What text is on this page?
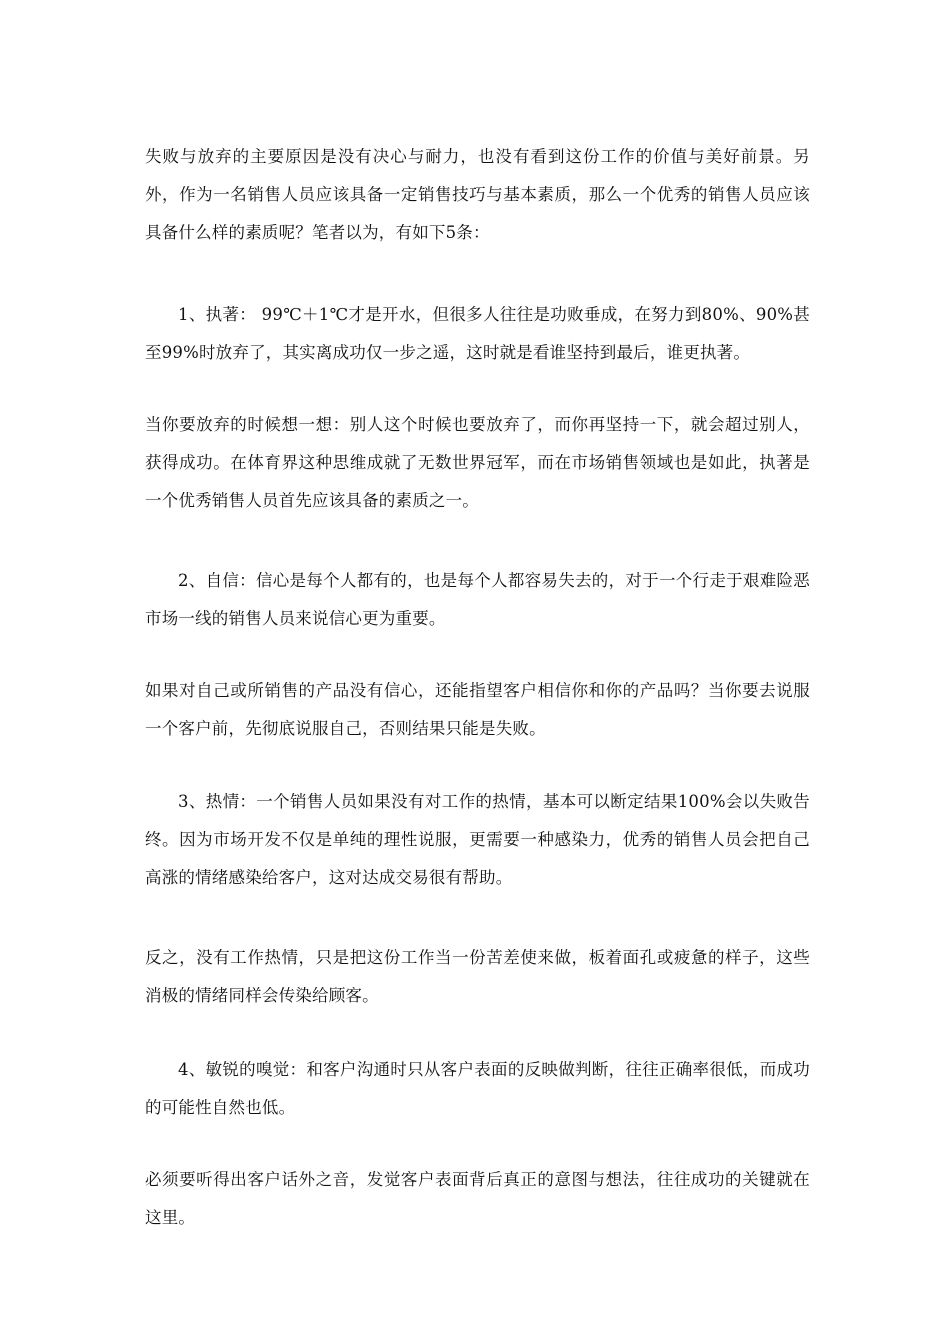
失败与放弃的主要原因是没有决心与耐力，也没有看到这份工作的价值与美好前景。另外，作为一名销售人员应该具备一定销售技巧与基本素质，那么一个优秀的销售人员应该具备什么样的素质呢？笔者以为，有如下5条：

1、执著： 99℃＋1℃才是开水，但很多人往往是功败垂成，在努力到80%、90%甚至99%时放弃了，其实离成功仅一步之遥，这时就是看谁坚持到最后，谁更执著。

当你要放弃的时候想一想：别人这个时候也要放弃了，而你再坚持一下，就会超过别人，获得成功。在体育界这种思维成就了无数世界冠军，而在市场销售领域也是如此，执著是一个优秀销售人员首先应该具备的素质之一。

2、自信：信心是每个人都有的，也是每个人都容易失去的，对于一个行走于艰难险恶市场一线的销售人员来说信心更为重要。

如果对自己或所销售的产品没有信心，还能指望客户相信你和你的产品吗？当你要去说服一个客户前，先彻底说服自己，否则结果只能是失败。

3、热情：一个销售人员如果没有对工作的热情，基本可以断定结果100%会以失败告终。因为市场开发不仅是单纯的理性说服，更需要一种感染力，优秀的销售人员会把自己高涨的情绪感染给客户，这对达成交易很有帮助。

反之，没有工作热情，只是把这份工作当一份苦差使来做，板着面孔或疲惫的样子，这些消极的情绪同样会传染给顾客。

4、敏锐的嗅觉：和客户沟通时只从客户表面的反映做判断，往往正确率很低，而成功的可能性自然也低。

必须要听得出客户话外之音，发觉客户表面背后真正的意图与想法，往往成功的关键就在这里。
